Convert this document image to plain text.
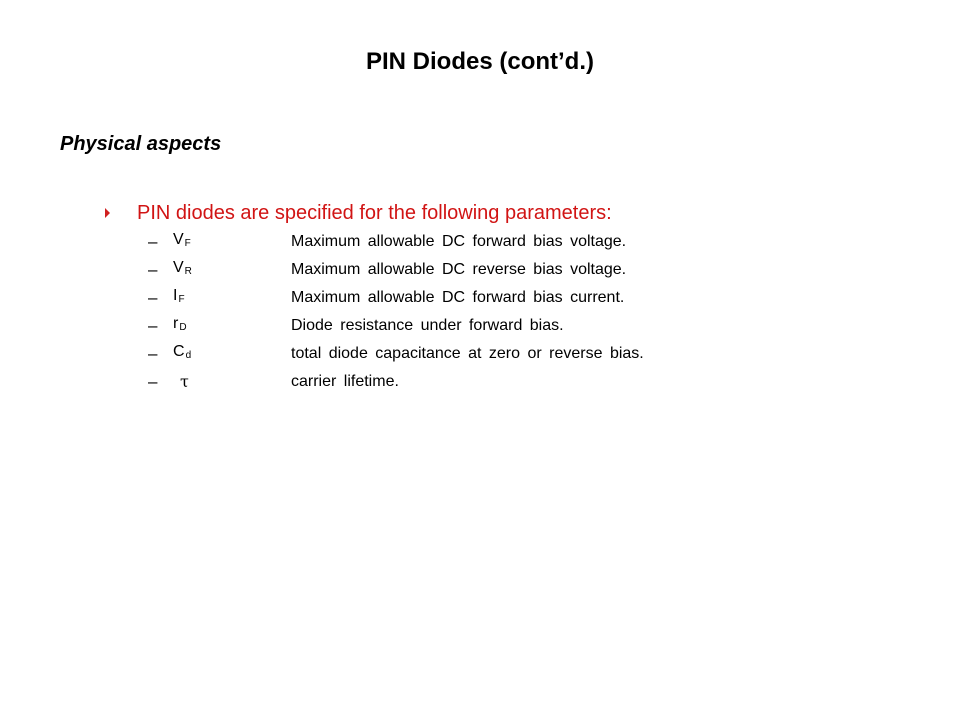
PIN Diodes (cont’d.)
Physical aspects
PIN diodes are specified for the following parameters:
– $V_F$	Maximum allowable DC forward bias voltage.
– $V_R$	Maximum allowable DC reverse bias voltage.
– $I_F$	Maximum allowable DC forward bias current.
– $r_D$	Diode resistance under forward bias.
– $C_d$	total diode capacitance at zero or reverse bias.
–	τ	carrier lifetime.
